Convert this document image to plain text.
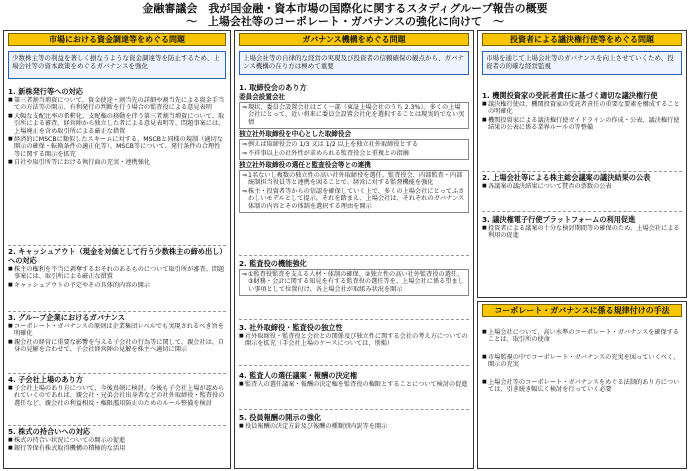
金融審議会　我が国金融・資本市場の国際化に関するスタディグループ報告の概要
～　上場会社等のコーポレート・ガバナンスの強化に向けて　～
市場における資金調達等をめぐる問題
少数株主等の利益を著しく損なうような資金調達等を防止するため、上場会社等の資本政策をめぐるガバナンスを強化
1. 新株発行等への対応
■ 第三者割当増資について、資金使途・割当先の詳細や割当先による資金手当ての方法等の開示、有利発行の判断を行う場合の監査役による意見表明
■ 大幅な支配比率の希釈化、支配権の移動を伴う第三者割当増資について、取引所による審査、経営陣から独立した者による意見表明等、問題事案には、上場廃止を含め取引所による厳正な措置
■ 経済的にMSCBに類似したスキームに対する、MSCBと同様の規制（適切な開示の確保・転換条件の適正化等）、MSCB等について、発行条件の合理性等に関する開示を拡充
■ 自社や取引所等における執行面の充実・連携強化
2. キャッシュアウト（現金を対価として行う少数株主の締め出し）への対応
■ 株主の権利を不当に剥奪するおそれのあるものについて取引所が審査。問題事案には、取引所による厳正な措置
■ キャッシュアウトの予定やその具体的内容の開示
3. グループ企業におけるガバナンス
■ コーポレート・ガバナンスの原則は企業集団レベルでも実現されるべき旨を明確化
■ 親会社の経営に重要な影響を与える子会社の行為等に関して、親会社は、自身の見解を合わせて、子会社経営陣の見解を株主へ適切に開示
4. 子会社上場のあり方
■ 子会社上場のあり方について、今後真剣に検討。今後も子会社上場が認められていくのであれば、親会社・兄弟会社出身者などの社外取締役・監査役の選任など、親会社の利益相反・権限濫用防止のためのルール整備を検討
5. 株式の持合いへの対応
■ 株式の持合い状況についての開示の促進
■ 銀行等保有株式取得機構の積極的な活用
ガバナンス機構をめぐる問題
上場会社等の自律的な経営の実現及び投資者の信頼確保の観点から、ガバナンス機構の在り方は極めて重要
1. 取締役会のあり方
委員会設置会社
⇒ 現状、委員会設置会社はごく一部（東証上場会社のうち 2.3%）。多くの上場会社にとって、近い将来に委員会設置会社化を選択することは現実的でない実情
独立社外取締役を中心とした取締役会
⇒ 例えば取締役会の 1/3 又は 1/2 以上を独立社外取締役とする
⇒ 不祥事以上の社外性が求められる監査役会と重複との指摘
独立社外取締役の選任と監査役会等との連携
⇒ 1名ないし複数の独立性の高い社外取締役を選任。監査役会、内部監査・内部統制担当役員等と連携を図ることで、経営に対する監督機能を強化
⇒ 株主・投資者等からの信認を確保していく上で、多くの上場会社にとってふさわしいモデルとして提示。それを踏まえ、上場会社は、それぞれのガバナンス体制の内容とその体制を選択する理由を開示
2. 監査役の機能強化
⇒ ①監査役監査を支える人材・体制の確保、②独立性の高い社外監査役の選任、③財務・会計に関する知見を有する監査役の選任等を、上場会社に係る望ましい事項として位置付け、各上場会社が取組み状況を開示
3. 社外取締役・監査役の独立性
■ 社外取締役・監査役と会社との関係及び独立性に関する会社の考え方についての開示を拡充（手会社上場のケースについては、別掲）
4. 監査人の選任議案・報酬の決定権
■ 監査人の選任議案・報酬の決定権を監査役の権限とすることについて検討の促進
5. 役員報酬の開示の強化
■ 役員報酬の決定方針及び報酬の種類別内訳等を開示
投資者による議決権行使等をめぐる問題
市場を通じて上場会社等のガバナンスを向上させていくため、投資者の的確な経営監視
1. 機関投資家の受託者責任に基づく適切な議決権行使
■ 議決権行使は、機関投資家の受託者責任の重要な要素を構成することの明確化
■ 機関投資家による議決権行使ガイドラインの作成・公表、議決権行使結果の公表に係る業界ルールの等整備
2. 上場会社等による株主総会議案の議決結果の公表
■ 各議案の議決結果について賛否の票数の公表
3. 議決権電子行使プラットフォームの利用促進
■ 投資者による議案の十分な検討期間等の確保のため、上場会社による利用の促進
コーポレート・ガバナンスに係る規律付けの手法
■ 上場会社について、高い水準のコーポレート・ガバナンスを確保することは、取引所の使命
■ 市場監視の中でコーポレート・ガバナンスの充実を図っていくべく、開示の充実
■ 上場会社等のコーポレート・ガバナンスをめぐる法制的あり方については、引き続き幅広く検討を行っていく必要
